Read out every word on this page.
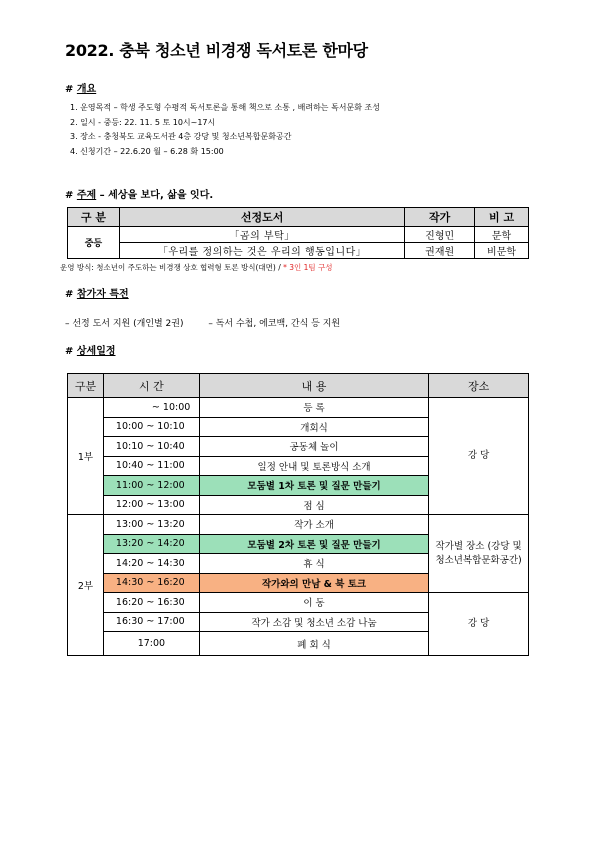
2022. 충북 청소년 비경쟁 독서토론 한마당
# 개요
1. 운영목적 – 학생 주도형 수평적 독서토론을 통해 책으로 소통 , 배려하는 독서문화 조성
2. 일시 - 중등: 22. 11. 5 토 10시~17시
3. 장소 - 충청북도 교육도서관 4층 강당 및 청소년복합문화공간
4. 신청기간 – 22.6.20 월 – 6.28 화 15:00
# 주제 – 세상을 보다, 삶을 잇다.
구 분	선정도서	작가	비 고
중등	「곰의 부탁」	진형민	문학
	「우리를 정의하는 것은 우리의 행동입니다」	권재원	비문학
운영 방식: 청소년이 주도하는 비경쟁 상호 협력형 토론 방식(대면) / * 3인 1팀 구성
# 참가자 특전
– 선정 도서 지원 (개인별 2권)	– 독서 수첩, 에코백, 간식 등 지원
# 상세일정
구분	시 간	내 용	장소
1부	~ 10:00	등 록	강 당
	10:00 ~ 10:10	개회식	
	10:10 ~ 10:40	공동체 놀이	
	10:40 ~ 11:00	일정 안내 및 토론방식 소개	
	11:00 ~ 12:00	모둠별 1차 토론 및 질문 만들기	
	12:00 ~ 13:00	점 심	
2부	13:00 ~ 13:20	작가 소개	작가별 장소 (강당 및 청소년복합문화공간)
	13:20 ~ 14:20	모둠별 2차 토론 및 질문 만들기	
	14:20 ~ 14:30	휴 식	
	14:30 ~ 16:20	작가와의 만남 & 북 토크	
	16:20 ~ 16:30	이 동	강 당
	16:30 ~ 17:00	작가 소감 및 청소년 소감 나눔	
	17:00	폐 회 식	
